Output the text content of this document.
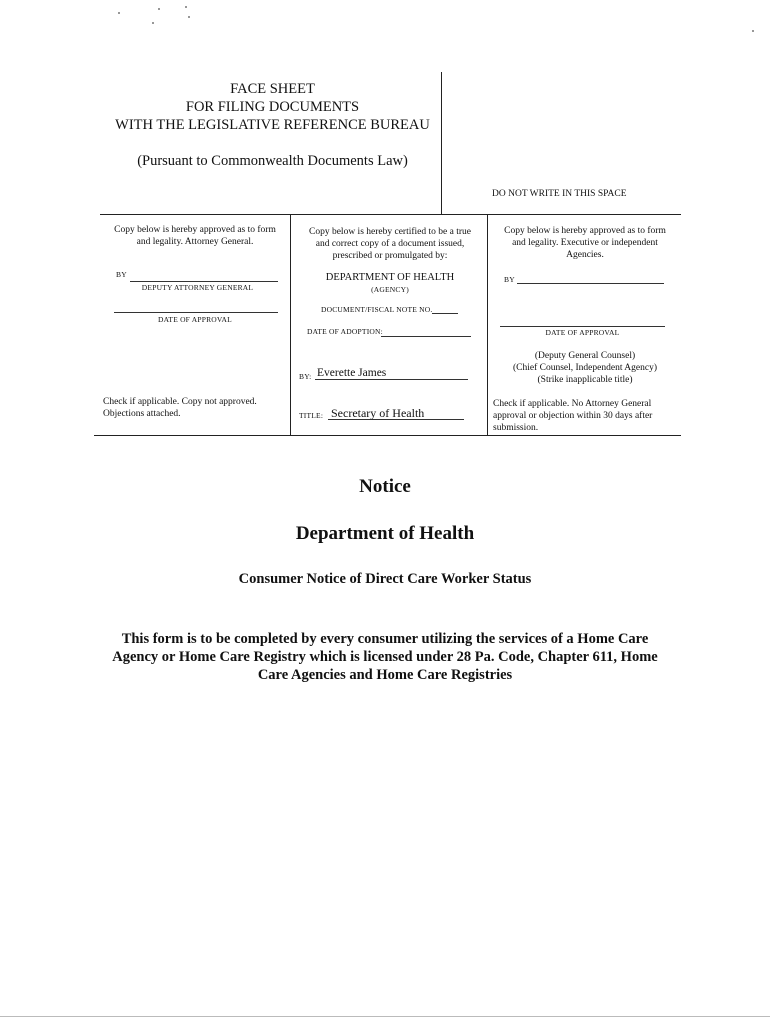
FACE SHEET
FOR FILING DOCUMENTS
WITH THE LEGISLATIVE REFERENCE BUREAU
(Pursuant to Commonwealth Documents Law)
DO NOT WRITE IN THIS SPACE
Copy below is hereby approved as to form
and legality. Attorney General.
BY
DEPUTY ATTORNEY GENERAL
DATE OF APPROVAL
Check if applicable. Copy not approved.
Objections attached.
Copy below is hereby certified to be a true
and correct copy of a document issued,
prescribed or promulgated by:
DEPARTMENT OF HEALTH
(AGENCY)
DOCUMENT/FISCAL NOTE NO.
DATE OF ADOPTION:
BY: Everette James
TITLE: Secretary of Health
Copy below is hereby approved as to form
and legality. Executive or independent
Agencies.
BY
DATE OF APPROVAL
(Deputy General Counsel)
(Chief Counsel, Independent Agency)
(Strike inapplicable title)
Check if applicable. No Attorney General
approval or objection within 30 days after
submission.
Notice
Department of Health
Consumer Notice of Direct Care Worker Status
This form is to be completed by every consumer utilizing the services of a Home Care
Agency or Home Care Registry which is licensed under 28 Pa. Code, Chapter 611, Home
Care Agencies and Home Care Registries
